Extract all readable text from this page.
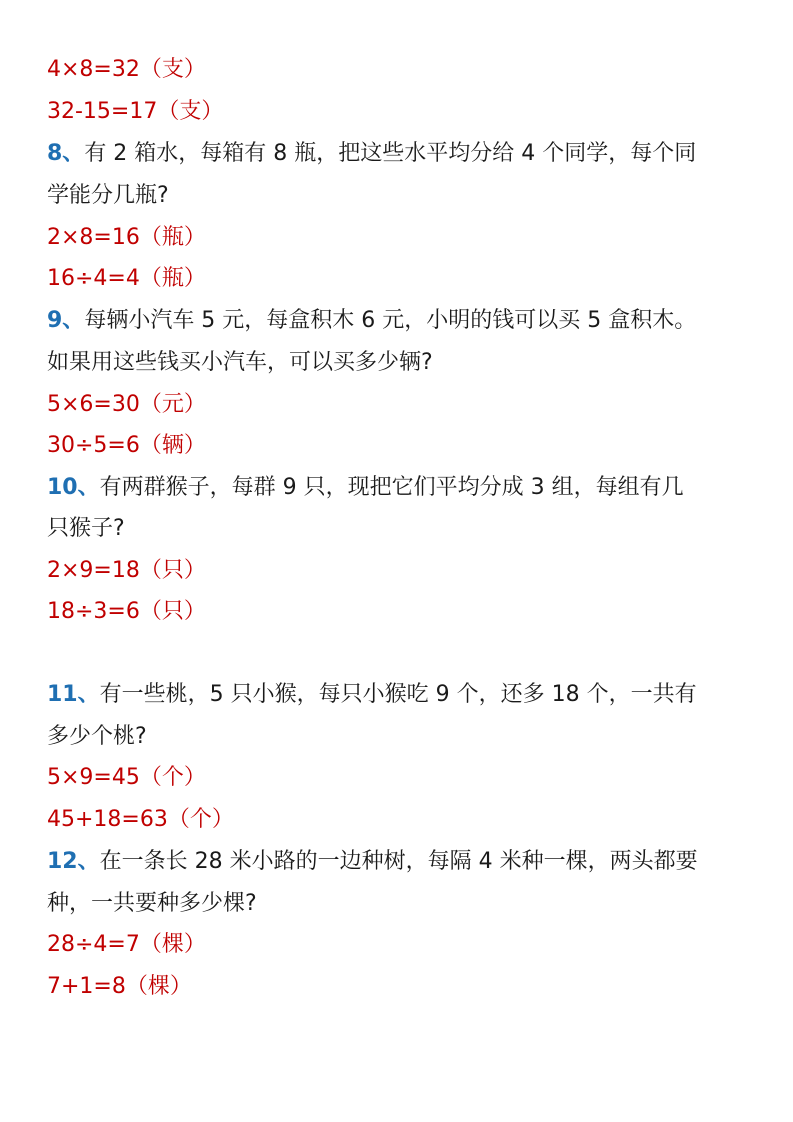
4×8=32（支）
32-15=17（支）
8、有 2 箱水，每箱有 8 瓶，把这些水平均分给 4 个同学，每个同
学能分几瓶?
2×8=16（瓶）
16÷4=4（瓶）
9、每辆小汽车 5 元，每盒积木 6 元，小明的钱可以买 5 盒积木。
如果用这些钱买小汽车，可以买多少辆?
5×6=30（元）
30÷5=6（辆）
10、有两群猴子，每群 9 只，现把它们平均分成 3 组，每组有几
只猴子?
2×9=18（只）
18÷3=6（只）
11、有一些桃，5 只小猴，每只小猴吃 9 个，还多 18 个，一共有
多少个桃?
5×9=45（个）
45+18=63（个）
12、在一条长 28 米小路的一边种树，每隔 4 米种一棵，两头都要
种，一共要种多少棵?
28÷4=7（棵）
7+1=8（棵）
